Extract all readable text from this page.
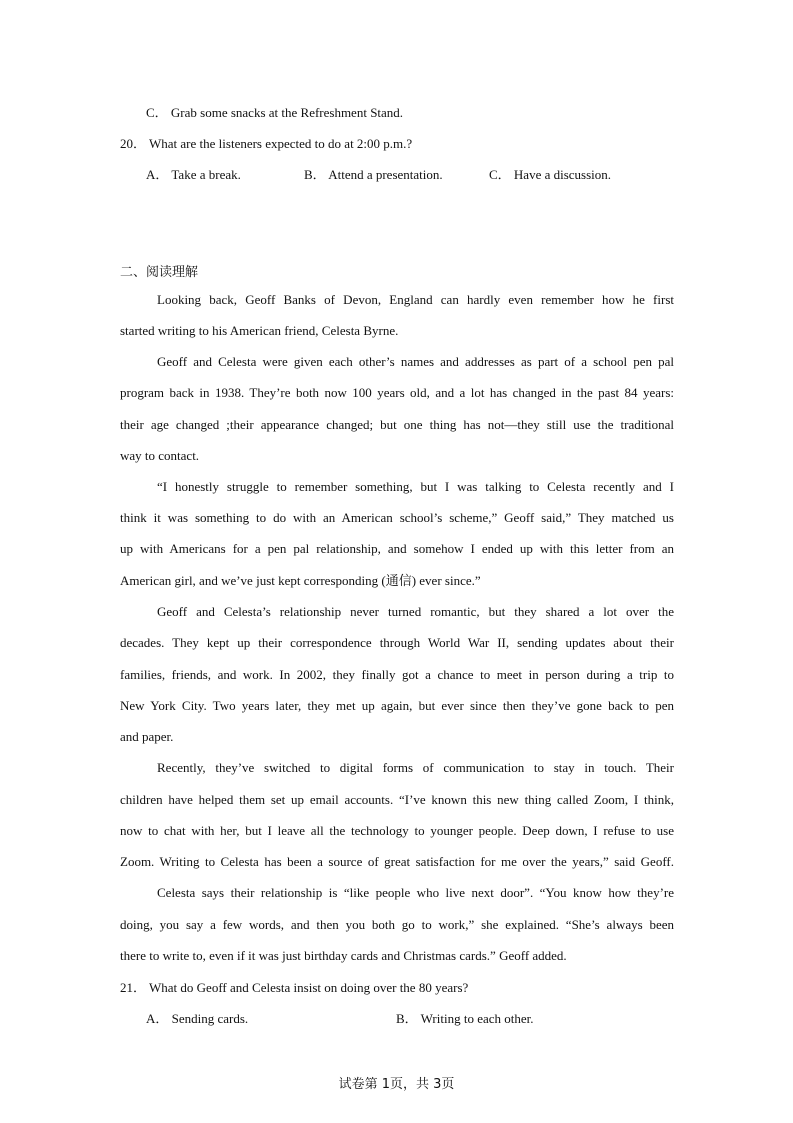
C． Grab some snacks at the Refreshment Stand.
20． What are the listeners expected to do at 2:00 p.m.?
A． Take a break.	B． Attend a presentation.	C． Have a discussion.
二、阅读理解
Looking back, Geoff Banks of Devon, England can hardly even remember how he first
started writing to his American friend, Celesta Byrne.
Geoff and Celesta were given each other’s names and addresses as part of a school pen pal
program back in 1938. They’re both now 100 years old, and a lot has changed in the past 84 years:
their age changed ;their appearance changed; but one thing has not—they still use the traditional
way to contact.
“I honestly struggle to remember something, but I was talking to Celesta recently and I
think it was something to do with an American school’s scheme,” Geoff said,” They matched us
up with Americans for a pen pal relationship, and somehow I ended up with this letter from an
American girl, and we’ve just kept corresponding (通信) ever since.”
Geoff and Celesta’s relationship never turned romantic, but they shared a lot over the
decades. They kept up their correspondence through World War II, sending updates about their
families, friends, and work. In 2002, they finally got a chance to meet in person during a trip to
New York City. Two years later, they met up again, but ever since then they’ve gone back to pen
and paper.
Recently, they’ve switched to digital forms of communication to stay in touch. Their
children have helped them set up email accounts. “I’ve known this new thing called Zoom, I think,
now to chat with her, but I leave all the technology to younger people. Deep down, I refuse to use
Zoom. Writing to Celesta has been a source of great satisfaction for me over the years,” said Geoff.
Celesta says their relationship is “like people who live next door”. “You know how they’re
doing, you say a few words, and then you both go to work,” she explained. “She’s always been
there to write to, even if it was just birthday cards and Christmas cards.” Geoff added.
21． What do Geoff and Celesta insist on doing over the 80 years?
A． Sending cards.	B． Writing to each other.
试卷第 1页，共 3页
